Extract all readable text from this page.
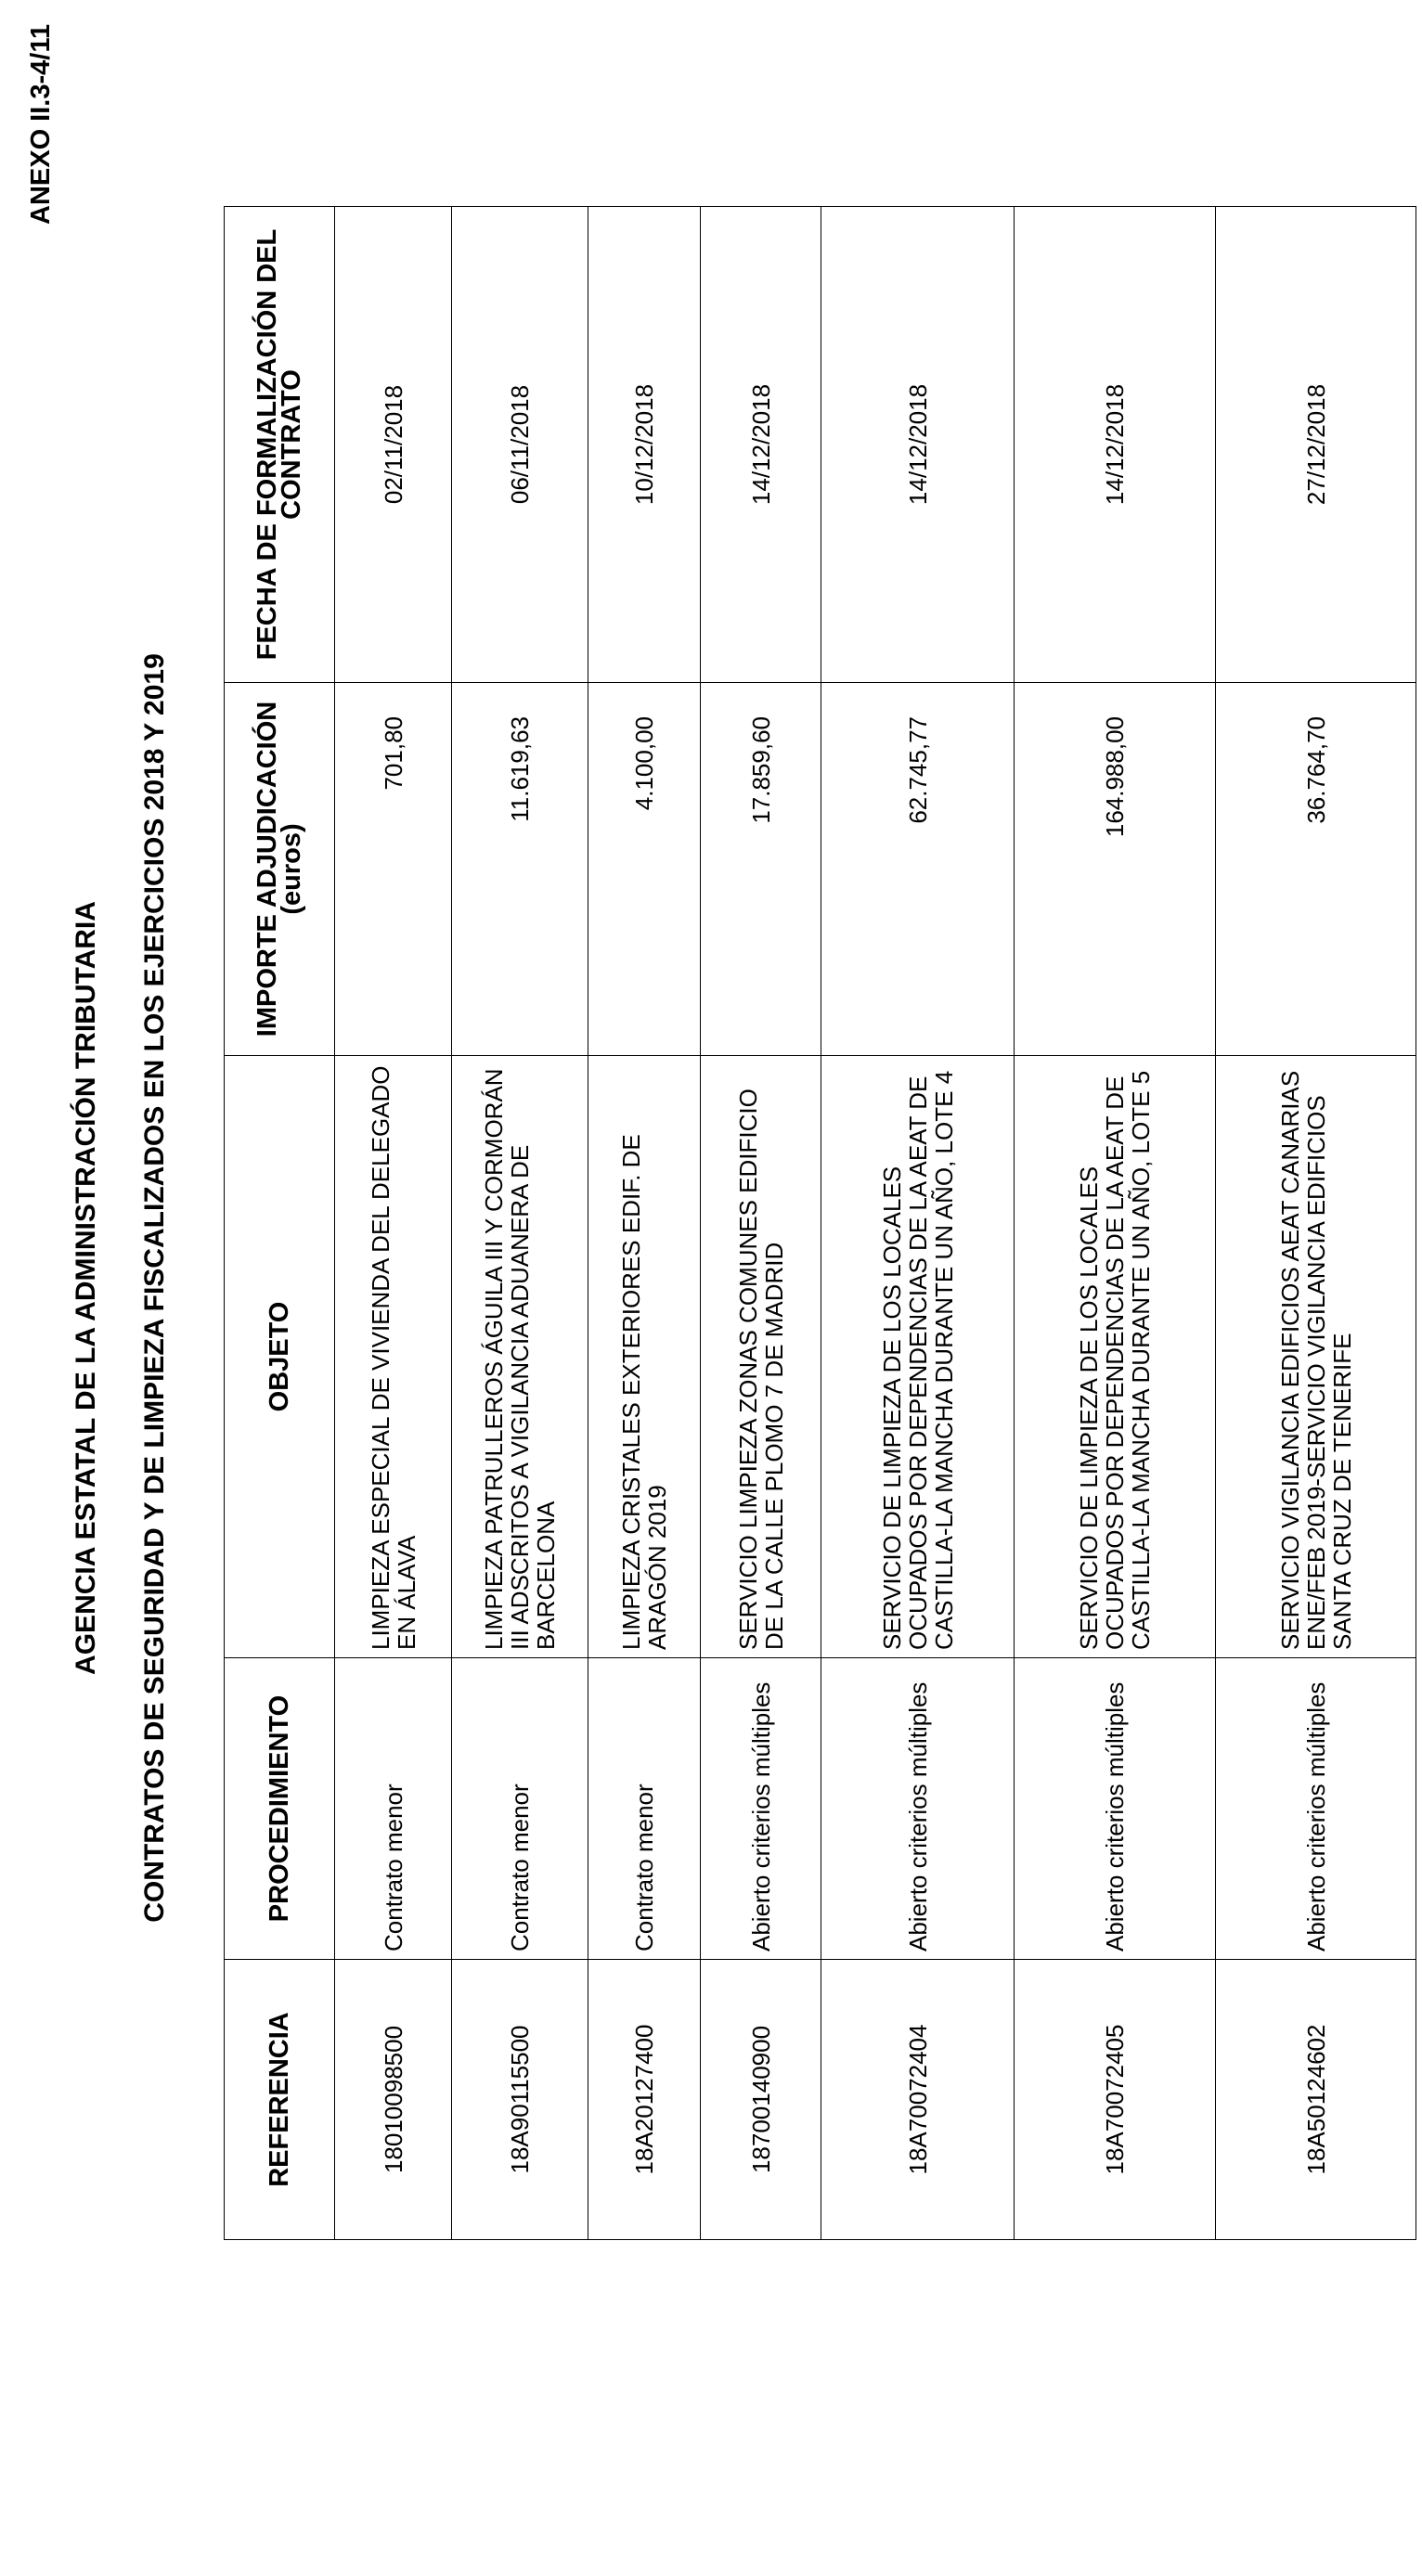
ANEXO II.3-4/11
AGENCIA ESTATAL DE LA ADMINISTRACIÓN TRIBUTARIA CONTRATOS DE SEGURIDAD Y DE LIMPIEZA FISCALIZADOS EN LOS EJERCICIOS 2018 Y 2019
REFERENCIA	PROCEDIMIENTO	OBJETO	IMPORTE ADJUDICACIÓN (euros)	FECHA DE FORMALIZACIÓN DEL CONTRATO
18010098500	Contrato menor	LIMPIEZA ESPECIAL DE VIVIENDA DEL DELEGADO EN ÁLAVA	701,80	02/11/2018
18A90115500	Contrato menor	LIMPIEZA PATRULLEROS ÁGUILA III Y CORMORÁN III ADSCRITOS A VIGILANCIA ADUANERA DE BARCELONA	11.619,63	06/11/2018
18A20127400	Contrato menor	LIMPIEZA CRISTALES EXTERIORES EDIF. DE ARAGÓN 2019	4.100,00	10/12/2018
18700140900	Abierto criterios múltiples	SERVICIO LIMPIEZA ZONAS COMUNES EDIFICIO DE LA CALLE PLOMO 7 DE MADRID	17.859,60	14/12/2018
18A70072404	Abierto criterios múltiples	SERVICIO DE LIMPIEZA DE LOS LOCALES OCUPADOS POR DEPENDENCIAS DE LA AEAT DE CASTILLA-LA MANCHA DURANTE UN AÑO, LOTE 4	62.745,77	14/12/2018
18A70072405	Abierto criterios múltiples	SERVICIO DE LIMPIEZA DE LOS LOCALES OCUPADOS POR DEPENDENCIAS DE LA AEAT DE CASTILLA-LA MANCHA DURANTE UN AÑO, LOTE 5	164.988,00	14/12/2018
18A50124602	Abierto criterios múltiples	SERVICIO VIGILANCIA EDIFICIOS AEAT CANARIAS ENE/FEB 2019-SERVICIO VIGILANCIA EDIFICIOS SANTA CRUZ DE TENERIFE	36.764,70	27/12/2018
